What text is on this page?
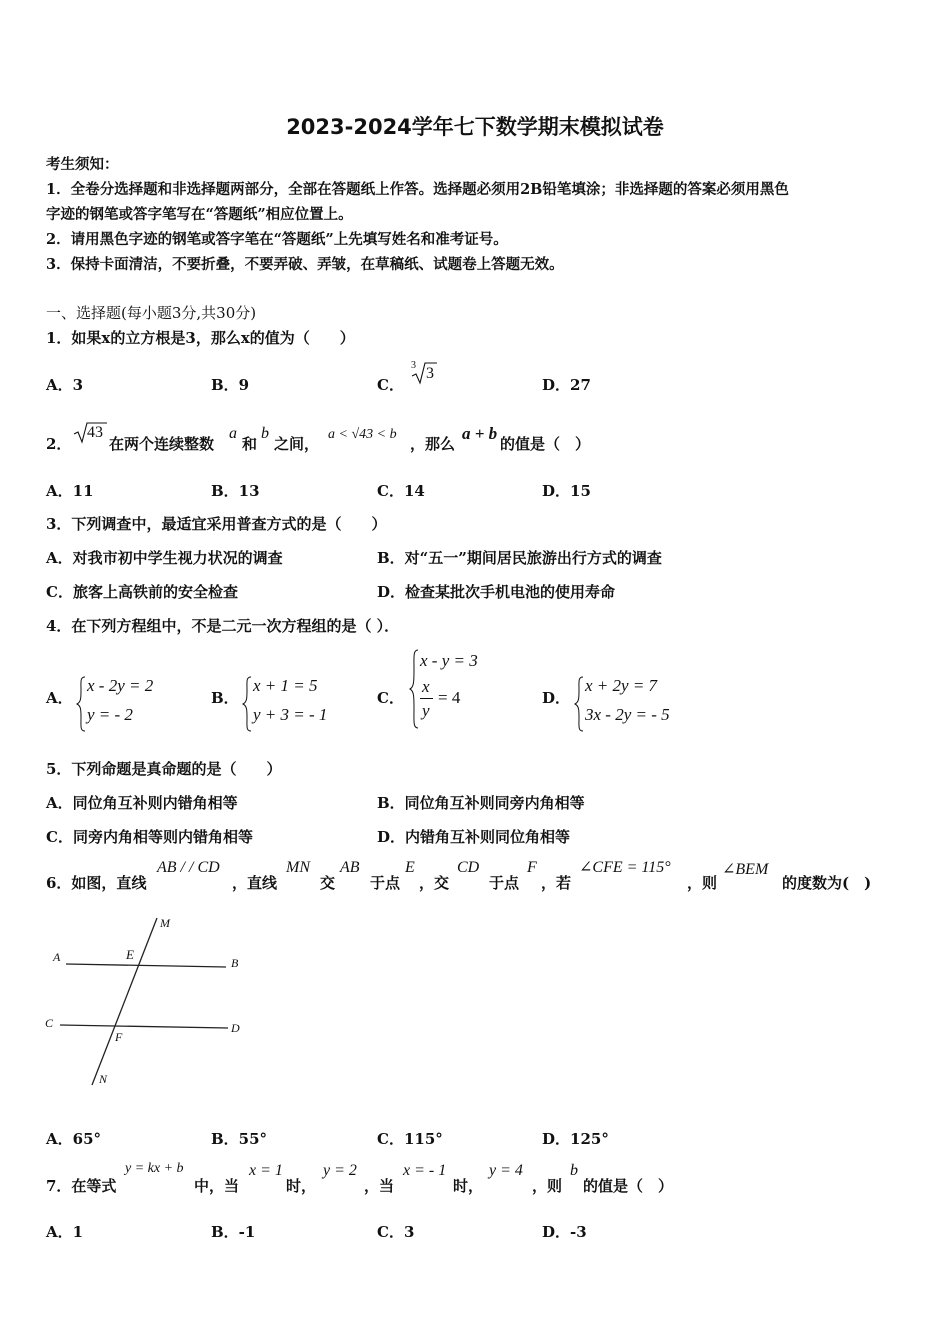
2023-2024学年七下数学期末模拟试卷
考生须知：
1．全卷分选择题和非选择题两部分，全部在答题纸上作答。选择题必须用2B铅笔填涂；非选择题的答案必须用黑色
字迹的钢笔或答字笔写在“答题纸”相应位置上。
2．请用黑色字迹的钢笔或答字笔在“答题纸”上先填写姓名和准考证号。
3．保持卡面清洁，不要折叠，不要弄破、弄皱，在草稿纸、试题卷上答题无效。
一、选择题(每小题3分,共30分)
1．如果x的立方根是3，那么x的值为（　　）
A．3	B．9	C．
3 3
D．27
2．
43
在两个连续整数
a
和
b
之间，
a < √43 < b
，那么
a + b
的值是（　）
A．11	B．13	C．14	D．15
3．下列调查中，最适宜采用普查方式的是（　　）
A．对我市初中学生视力状况的调查	B．对“五一”期间居民旅游出行方式的调查
C．旅客上高铁前的安全检查	D．检查某批次手机电池的使用寿命
4．在下列方程组中，不是二元一次方程组的是（ ）．
A．
x - 2y = 2
y = - 2
B．
x + 1 = 5
y + 3 = - 1
C．
x - y = 3
x
y
= 4	D．
x + 2y = 7
3x - 2y = - 5
5．下列命题是真命题的是（　　）
A．同位角互补则内错角相等	B．同位角互补则同旁内角相等
C．同旁内角相等则内错角相等	D．内错角互补则同位角相等
6．如图，直线
AB / / CD
，直线
MN
交
AB
于点
E
，交
CD
于点
F
，若
∠CFE = 115°
，则
∠BEM
的度数为(　)
M
A	E
B
C	D
F
N
A．65°	B．55°	C．115°	D．125°
7．在等式
y = kx + b
中，当
x = 1
时，
y = 2
，当
x = - 1
时，
y = 4
，则
b
的值是（　）
A．1	B．-1	C．3	D．-3
